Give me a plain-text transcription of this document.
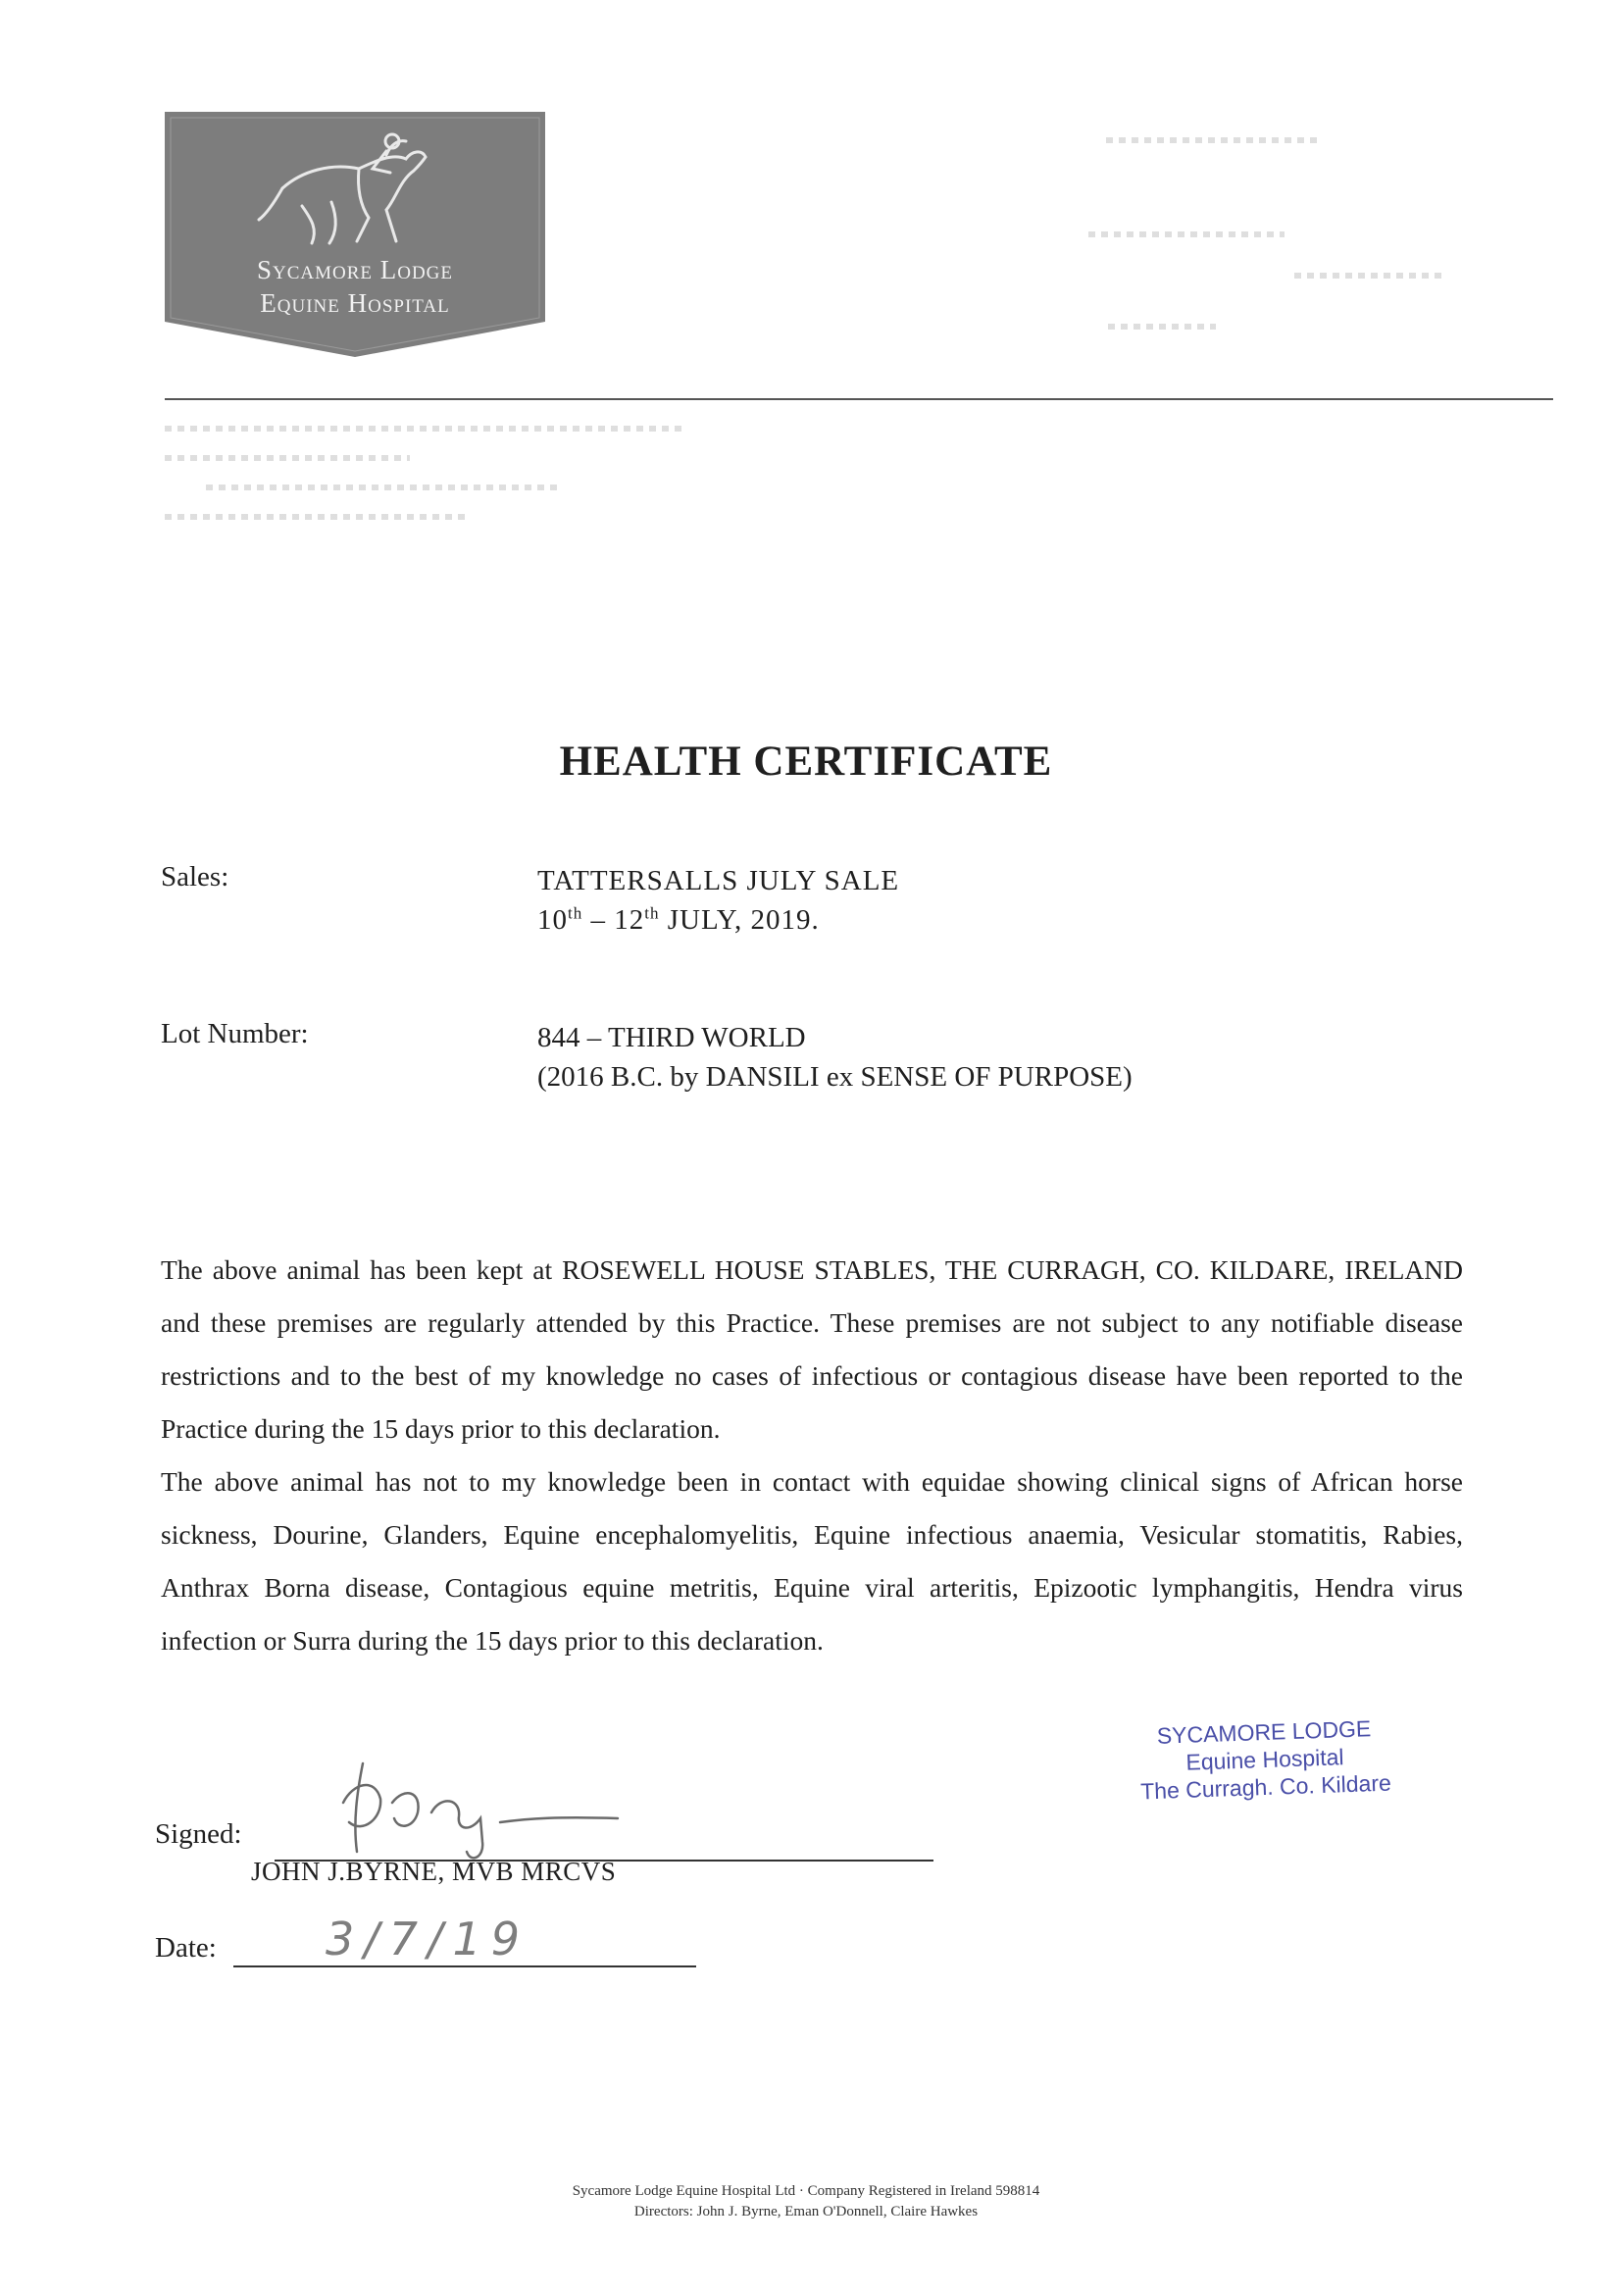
Sycamore Lodge
Equine Hospital
HEALTH CERTIFICATE
Sales:	TATTERSALLS JULY SALE
10th – 12th JULY, 2019.
Lot Number:	844 – THIRD WORLD
(2016 B.C. by DANSILI ex SENSE OF PURPOSE)

The above animal has been kept at ROSEWELL HOUSE STABLES, THE CURRAGH, CO. KILDARE, IRELAND and these premises are regularly attended by this Practice. These premises are not subject to any notifiable disease restrictions and to the best of my knowledge no cases of infectious or contagious disease have been reported to the Practice during the 15 days prior to this declaration.

The above animal has not to my knowledge been in contact with equidae showing clinical signs of African horse sickness, Dourine, Glanders, Equine encephalomyelitis, Equine infectious anaemia, Vesicular stomatitis, Rabies, Anthrax Borna disease, Contagious equine metritis, Equine viral arteritis, Epizootic lymphangitis, Hendra virus infection or Surra during the 15 days prior to this declaration.

SYCAMORE LODGE
Equine Hospital
The Curragh. Co. Kildare
Signed:
JOHN J.BYRNE, MVB MRCVS
Date: 3/7/19
Sycamore Lodge Equine Hospital Ltd · Company Registered in Ireland 598814
Directors: John J. Byrne, Eman O'Donnell, Claire Hawkes
